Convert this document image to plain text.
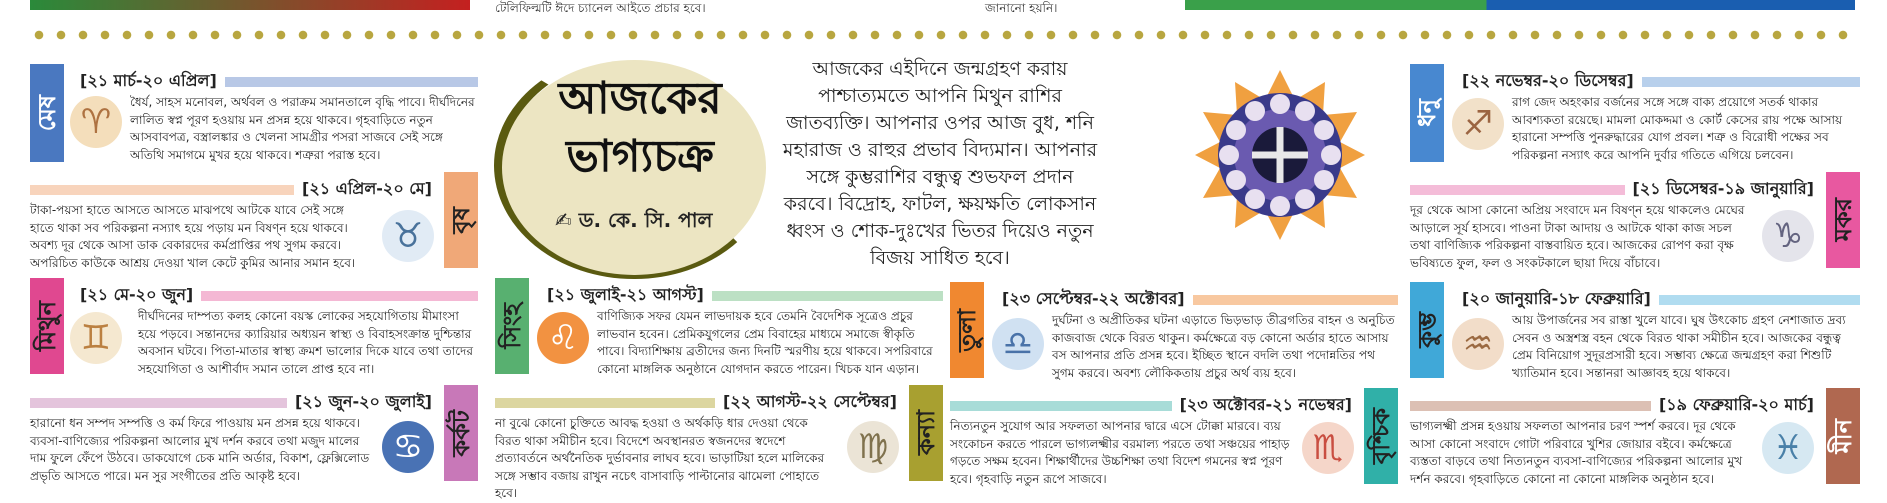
টেলিফিল্মটি ঈদে চ্যানেল আইতে প্রচার হবে।	জানানো হয়নি।
মেষ
[২১ মার্চ-২০ এপ্রিল]
♈	ধৈর্য, সাহস মনোবল, অর্থবল ও পরাক্রম সমানতালে বৃদ্ধি পাবে। দীর্ঘদিনের লালিত স্বপ্ন পূরণ হওয়ায় মন প্রসন্ন হয়ে থাকবে। গৃহবাড়িতে নতুন আসবাবপত্র, বস্ত্রালঙ্কার ও খেলনা সামগ্রীর পসরা সাজবে সেই সঙ্গে অতিথি সমাগমে মুখর হয়ে থাকবে। শত্রুরা পরাস্ত হবে।
[২১ এপ্রিল-২০ মে]
বৃষ
টাকা-পয়সা হাতে আসতে আসতে মাঝপথে আটকে যাবে সেই সঙ্গে হাতে থাকা সব পরিকল্পনা নস্যাৎ হয়ে পড়ায় মন বিষণ্ন হয়ে থাকবে। অবশ্য দূর থেকে আসা ডাক বেকারদের কর্মপ্রাপ্তির পথ সুগম করবে। অপরিচিত কাউকে আশ্রয় দেওয়া খাল কেটে কুমির আনার সমান হবে।
♉
মিথুন
[২১ মে-২০ জুন]
♊
দীর্ঘদিনের দাম্পত্য কলহ কোনো বয়স্ক লোকের সহযোগিতায় মীমাংসা হয়ে পড়বে। সন্তানদের ক্যারিয়ার অধ্যয়ন স্বাস্থ্য ও বিবাহসংক্রান্ত দুশ্চিন্তার অবসান ঘটবে। পিতা-মাতার স্বাস্থ্য ক্রমশ ভালোর দিকে যাবে তথা তাদের সহযোগিতা ও আশীর্বাদ সমান তালে প্রাপ্ত হবে না।
[২১ জুন-২০ জুলাই]
কর্কট
হারানো ধন সম্পদ সম্পত্তি ও কর্ম ফিরে পাওয়ায় মন প্রসন্ন হয়ে থাকবে। ব্যবসা-বাণিজ্যের পরিকল্পনা আলোর মুখ দর্শন করবে তথা মজুদ মালের দাম ফুলে ফেঁপে উঠবে। ডাকযোগে চেক মানি অর্ডার, বিকাশ, ফ্লেক্সিলোড প্রভৃতি আসতে পারে। মন সুর সংগীতের প্রতি আকৃষ্ট হবে।
♋
আজকের
ভাগ্যচক্র
✍ ড. কে. সি. পাল
আজকের এইদিনে জন্মগ্রহণ করায় পাশ্চাত্যমতে আপনি মিথুন রাশির জাতব্যক্তি। আপনার ওপর আজ বুধ, শনি মহারাজ ও রাহুর প্রভাব বিদ্যমান। আপনার সঙ্গে কুম্ভরাশির বন্ধুত্ব শুভফল প্রদান করবে। বিদ্রোহ, ফাটল, ক্ষয়ক্ষতি লোকসান ধ্বংস ও শোক-দুঃখের ভিতর দিয়েও নতুন বিজয় সাধিত হবে।
সিংহ
[২১ জুলাই-২১ আগস্ট]
♌
বাণিজ্যিক সফর যেমন লাভদায়ক হবে তেমনি বৈদেশিক সূত্রেও প্রচুর লাভবান হবেন। প্রেমিকযুগলের প্রেম বিবাহের মাধ্যমে সমাজে স্বীকৃতি পাবে। বিদ্যাশিক্ষায় ব্রতীদের জন্য দিনটি স্মরণীয় হয়ে থাকবে। সপরিবারে কোনো মাঙ্গলিক অনুষ্ঠানে যোগদান করতে পারেন। খিচক যান এড়ান।
[২২ আগস্ট-২২ সেপ্টেম্বর]
কন্যা
না বুঝে কোনো চুক্তিতে আবদ্ধ হওয়া ও অর্থকড়ি ধার দেওয়া থেকে বিরত থাকা সমীচীন হবে। বিদেশে অবস্থানরত স্বজনদের স্বদেশে প্রত্যাবর্তনে অর্থনৈতিক দুর্ভাবনার লাঘব হবে। ভাড়াটিয়া হলে মালিকের সঙ্গে সম্ভাব বজায় রাখুন নচেৎ বাসাবাড়ি পাল্টানোর ঝামেলা পোহাতে হবে।
♍
তুলা
[২৩ সেপ্টেম্বর-২২ অক্টোবর]
♎
দুর্ঘটনা ও অপ্রীতিকর ঘটনা এড়াতে ভিড়ভাড় তীব্রগতির বাহন ও অনুচিত কাজবাজ থেকে বিরত থাকুন। কর্মক্ষেত্রে বড় কোনো অর্ডার হাতে আসায় বস আপনার প্রতি প্রসন্ন হবে। ইচ্ছিত স্থানে বদলি তথা পদোন্নতির পথ সুগম করবে। অবশ্য লৌকিকতায় প্রচুর অর্থ ব্যয় হবে।
[২৩ অক্টোবর-২১ নভেম্বর]
বৃশ্চিক
নিত্যনতুন সুযোগ আর সফলতা আপনার দ্বারে এসে টোক্কা মারবে। ব্যয় সংকোচন করতে পারলে ভাগ্যলক্ষ্মীর বরমাল্য পরতে তথা সঞ্চয়ের পাহাড় গড়তে সক্ষম হবেন। শিক্ষার্থীদের উচ্চশিক্ষা তথা বিদেশ গমনের স্বপ্ন পূরণ হবে। গৃহবাড়ি নতুন রূপে সাজবে।
♏
ধনু
[২২ নভেম্বর-২০ ডিসেম্বর]
♐
রাগ জেদ অহংকার বর্জনের সঙ্গে সঙ্গে বাক্য প্রয়োগে সতর্ক থাকার আবশ্যকতা রয়েছে। মামলা মোকদ্দমা ও কোর্ট কেসের রায় পক্ষে আসায় হারানো সম্পত্তি পুনরুদ্ধারের যোগ প্রবল। শত্রু ও বিরোধী পক্ষের সব পরিকল্পনা নস্যাৎ করে আপনি দুর্বার গতিতে এগিয়ে চলবেন।
[২১ ডিসেম্বর-১৯ জানুয়ারি]
মকর
দূর থেকে আসা কোনো অপ্রিয় সংবাদে মন বিষণ্ন হয়ে থাকলেও মেঘের আড়ালে সূর্য হাসবে। পাওনা টাকা আদায় ও আটকে থাকা কাজ সচল তথা বাণিজ্যিক পরিকল্পনা বাস্তবায়িত হবে। আজকের রোপণ করা বৃক্ষ ভবিষ্যতে ফুল, ফল ও সংকটকালে ছায়া দিয়ে বাঁচাবে।
♑
কুম্ভ
[২০ জানুয়ারি-১৮ ফেব্রুয়ারি]
♒
আয় উপার্জনের সব রাস্তা খুলে যাবে। ঘুষ উৎকোচ গ্রহণ নেশাজাত দ্রব্য সেবন ও অস্ত্রশস্ত্র বহন থেকে বিরত থাকা সমীচীন হবে। আজকের বন্ধুত্ব প্রেম বিনিয়োগ সুদূরপ্রসারী হবে। সম্ভাব্য ক্ষেত্রে জন্মগ্রহণ করা শিশুটি খ্যাতিমান হবে। সন্তানরা আজ্ঞাবহ হয়ে থাকবে।
[১৯ ফেব্রুয়ারি-২০ মার্চ]
মীন
ভাগ্যলক্ষ্মী প্রসন্ন হওয়ায় সফলতা আপনার চরণ স্পর্শ করবে। দূর থেকে আসা কোনো সংবাদে গোটা পরিবারে খুশির জোয়ার বইবে। কর্মক্ষেত্রে ব্যস্ততা বাড়বে তথা নিত্যনতুন ব্যবসা-বাণিজ্যের পরিকল্পনা আলোর মুখ দর্শন করবে। গৃহবাড়িতে কোনো না কোনো মাঙ্গলিক অনুষ্ঠান হবে।
♓
